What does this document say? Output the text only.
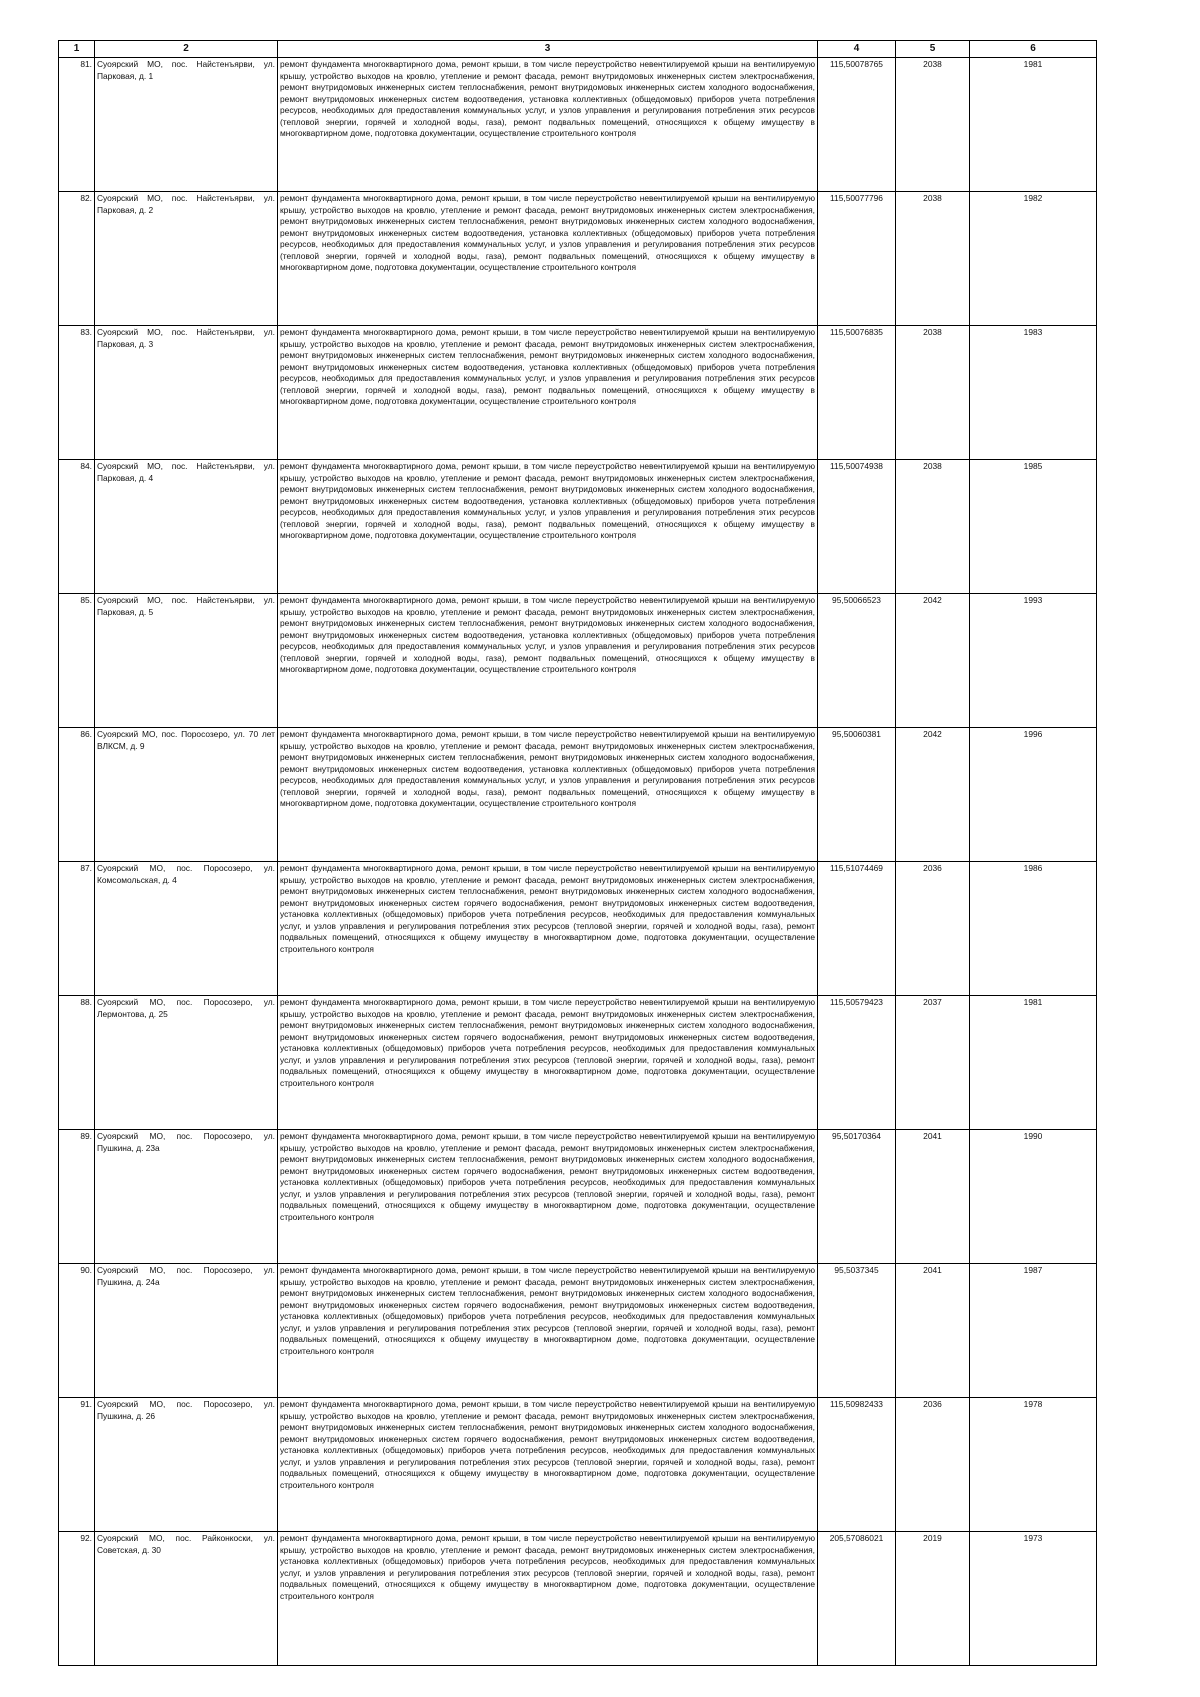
1	2	3	4	5	6
81.	Суоярский МО, пос. Найстенъярви, ул. Парковая, д. 1	ремонт фундамента многоквартирного дома, ремонт крыши, в том числе переустройство невентилируемой крыши на вентилируемую крышу, устройство выходов на кровлю, утепление и ремонт фасада, ремонт внутридомовых инженерных систем электроснабжения, ремонт внутридомовых инженерных систем теплоснабжения, ремонт внутридомовых инженерных систем холодного водоснабжения, ремонт внутридомовых инженерных систем водоотведения, установка коллективных (общедомовых) приборов учета потребления ресурсов, необходимых для предоставления коммунальных услуг, и узлов управления и регулирования потребления этих ресурсов (тепловой энергии, горячей и холодной воды, газа), ремонт подвальных помещений, относящихся к общему имуществу в многоквартирном доме, подготовка документации, осуществление строительного контроля	115,50078765	2038	1981
82.	Суоярский МО, пос. Найстенъярви, ул. Парковая, д. 2	ремонт фундамента многоквартирного дома, ремонт крыши, в том числе переустройство невентилируемой крыши на вентилируемую крышу, устройство выходов на кровлю, утепление и ремонт фасада, ремонт внутридомовых инженерных систем электроснабжения, ремонт внутридомовых инженерных систем теплоснабжения, ремонт внутридомовых инженерных систем холодного водоснабжения, ремонт внутридомовых инженерных систем водоотведения, установка коллективных (общедомовых) приборов учета потребления ресурсов, необходимых для предоставления коммунальных услуг, и узлов управления и регулирования потребления этих ресурсов (тепловой энергии, горячей и холодной воды, газа), ремонт подвальных помещений, относящихся к общему имуществу в многоквартирном доме, подготовка документации, осуществление строительного контроля	115,50077796	2038	1982
83.	Суоярский МО, пос. Найстенъярви, ул. Парковая, д. 3	ремонт фундамента многоквартирного дома, ремонт крыши, в том числе переустройство невентилируемой крыши на вентилируемую крышу, устройство выходов на кровлю, утепление и ремонт фасада, ремонт внутридомовых инженерных систем электроснабжения, ремонт внутридомовых инженерных систем теплоснабжения, ремонт внутридомовых инженерных систем холодного водоснабжения, ремонт внутридомовых инженерных систем водоотведения, установка коллективных (общедомовых) приборов учета потребления ресурсов, необходимых для предоставления коммунальных услуг, и узлов управления и регулирования потребления этих ресурсов (тепловой энергии, горячей и холодной воды, газа), ремонт подвальных помещений, относящихся к общему имуществу в многоквартирном доме, подготовка документации, осуществление строительного контроля	115,50076835	2038	1983
84.	Суоярский МО, пос. Найстенъярви, ул. Парковая, д. 4	ремонт фундамента многоквартирного дома, ремонт крыши, в том числе переустройство невентилируемой крыши на вентилируемую крышу, устройство выходов на кровлю, утепление и ремонт фасада, ремонт внутридомовых инженерных систем электроснабжения, ремонт внутридомовых инженерных систем теплоснабжения, ремонт внутридомовых инженерных систем холодного водоснабжения, ремонт внутридомовых инженерных систем водоотведения, установка коллективных (общедомовых) приборов учета потребления ресурсов, необходимых для предоставления коммунальных услуг, и узлов управления и регулирования потребления этих ресурсов (тепловой энергии, горячей и холодной воды, газа), ремонт подвальных помещений, относящихся к общему имуществу в многоквартирном доме, подготовка документации, осуществление строительного контроля	115,50074938	2038	1985
85.	Суоярский МО, пос. Найстенъярви, ул. Парковая, д. 5	ремонт фундамента многоквартирного дома, ремонт крыши, в том числе переустройство невентилируемой крыши на вентилируемую крышу, устройство выходов на кровлю, утепление и ремонт фасада, ремонт внутридомовых инженерных систем электроснабжения, ремонт внутридомовых инженерных систем теплоснабжения, ремонт внутридомовых инженерных систем холодного водоснабжения, ремонт внутридомовых инженерных систем водоотведения, установка коллективных (общедомовых) приборов учета потребления ресурсов, необходимых для предоставления коммунальных услуг, и узлов управления и регулирования потребления этих ресурсов (тепловой энергии, горячей и холодной воды, газа), ремонт подвальных помещений, относящихся к общему имуществу в многоквартирном доме, подготовка документации, осуществление строительного контроля	95,50066523	2042	1993
86.	Суоярский МО, пос. Поросозеро, ул. 70 лет ВЛКСМ, д. 9	ремонт фундамента многоквартирного дома, ремонт крыши, в том числе переустройство невентилируемой крыши на вентилируемую крышу, устройство выходов на кровлю, утепление и ремонт фасада, ремонт внутридомовых инженерных систем электроснабжения, ремонт внутридомовых инженерных систем теплоснабжения, ремонт внутридомовых инженерных систем холодного водоснабжения, ремонт внутридомовых инженерных систем водоотведения, установка коллективных (общедомовых) приборов учета потребления ресурсов, необходимых для предоставления коммунальных услуг, и узлов управления и регулирования потребления этих ресурсов (тепловой энергии, горячей и холодной воды, газа), ремонт подвальных помещений, относящихся к общему имуществу в многоквартирном доме, подготовка документации, осуществление строительного контроля	95,50060381	2042	1996
87.	Суоярский МО, пос. Поросозеро, ул. Комсомольская, д. 4	ремонт фундамента многоквартирного дома, ремонт крыши, в том числе переустройство невентилируемой крыши на вентилируемую крышу, устройство выходов на кровлю, утепление и ремонт фасада, ремонт внутридомовых инженерных систем электроснабжения, ремонт внутридомовых инженерных систем теплоснабжения, ремонт внутридомовых инженерных систем холодного водоснабжения, ремонт внутридомовых инженерных систем горячего водоснабжения, ремонт внутридомовых инженерных систем водоотведения, установка коллективных (общедомовых) приборов учета потребления ресурсов, необходимых для предоставления коммунальных услуг, и узлов управления и регулирования потребления этих ресурсов (тепловой энергии, горячей и холодной воды, газа), ремонт подвальных помещений, относящихся к общему имуществу в многоквартирном доме, подготовка документации, осуществление строительного контроля	115,51074469	2036	1986
88.	Суоярский МО, пос. Поросозеро, ул. Лермонтова, д. 25	ремонт фундамента многоквартирного дома, ремонт крыши, в том числе переустройство невентилируемой крыши на вентилируемую крышу, устройство выходов на кровлю, утепление и ремонт фасада, ремонт внутридомовых инженерных систем электроснабжения, ремонт внутридомовых инженерных систем теплоснабжения, ремонт внутридомовых инженерных систем холодного водоснабжения, ремонт внутридомовых инженерных систем горячего водоснабжения, ремонт внутридомовых инженерных систем водоотведения, установка коллективных (общедомовых) приборов учета потребления ресурсов, необходимых для предоставления коммунальных услуг, и узлов управления и регулирования потребления этих ресурсов (тепловой энергии, горячей и холодной воды, газа), ремонт подвальных помещений, относящихся к общему имуществу в многоквартирном доме, подготовка документации, осуществление строительного контроля	115,50579423	2037	1981
89.	Суоярский МО, пос. Поросозеро, ул. Пушкина, д. 23а	ремонт фундамента многоквартирного дома, ремонт крыши, в том числе переустройство невентилируемой крыши на вентилируемую крышу, устройство выходов на кровлю, утепление и ремонт фасада, ремонт внутридомовых инженерных систем электроснабжения, ремонт внутридомовых инженерных систем теплоснабжения, ремонт внутридомовых инженерных систем холодного водоснабжения, ремонт внутридомовых инженерных систем горячего водоснабжения, ремонт внутридомовых инженерных систем водоотведения, установка коллективных (общедомовых) приборов учета потребления ресурсов, необходимых для предоставления коммунальных услуг, и узлов управления и регулирования потребления этих ресурсов (тепловой энергии, горячей и холодной воды, газа), ремонт подвальных помещений, относящихся к общему имуществу в многоквартирном доме, подготовка документации, осуществление строительного контроля	95,50170364	2041	1990
90.	Суоярский МО, пос. Поросозеро, ул. Пушкина, д. 24а	ремонт фундамента многоквартирного дома, ремонт крыши, в том числе переустройство невентилируемой крыши на вентилируемую крышу, устройство выходов на кровлю, утепление и ремонт фасада, ремонт внутридомовых инженерных систем электроснабжения, ремонт внутридомовых инженерных систем теплоснабжения, ремонт внутридомовых инженерных систем холодного водоснабжения, ремонт внутридомовых инженерных систем горячего водоснабжения, ремонт внутридомовых инженерных систем водоотведения, установка коллективных (общедомовых) приборов учета потребления ресурсов, необходимых для предоставления коммунальных услуг, и узлов управления и регулирования потребления этих ресурсов (тепловой энергии, горячей и холодной воды, газа), ремонт подвальных помещений, относящихся к общему имуществу в многоквартирном доме, подготовка документации, осуществление строительного контроля	95,5037345	2041	1987
91.	Суоярский МО, пос. Поросозеро, ул. Пушкина, д. 26	ремонт фундамента многоквартирного дома, ремонт крыши, в том числе переустройство невентилируемой крыши на вентилируемую крышу, устройство выходов на кровлю, утепление и ремонт фасада, ремонт внутридомовых инженерных систем электроснабжения, ремонт внутридомовых инженерных систем теплоснабжения, ремонт внутридомовых инженерных систем холодного водоснабжения, ремонт внутридомовых инженерных систем горячего водоснабжения, ремонт внутридомовых инженерных систем водоотведения, установка коллективных (общедомовых) приборов учета потребления ресурсов, необходимых для предоставления коммунальных услуг, и узлов управления и регулирования потребления этих ресурсов (тепловой энергии, горячей и холодной воды, газа), ремонт подвальных помещений, относящихся к общему имуществу в многоквартирном доме, подготовка документации, осуществление строительного контроля	115,50982433	2036	1978
92.	Суоярский МО, пос. Райконкоски, ул. Советская, д. 30	ремонт фундамента многоквартирного дома, ремонт крыши, в том числе переустройство невентилируемой крыши на вентилируемую крышу, устройство выходов на кровлю, утепление и ремонт фасада, ремонт внутридомовых инженерных систем электроснабжения, установка коллективных (общедомовых) приборов учета потребления ресурсов, необходимых для предоставления коммунальных услуг, и узлов управления и регулирования потребления этих ресурсов (тепловой энергии, горячей и холодной воды, газа), ремонт подвальных помещений, относящихся к общему имуществу в многоквартирном доме, подготовка документации, осуществление строительного контроля	205,57086021	2019	1973
